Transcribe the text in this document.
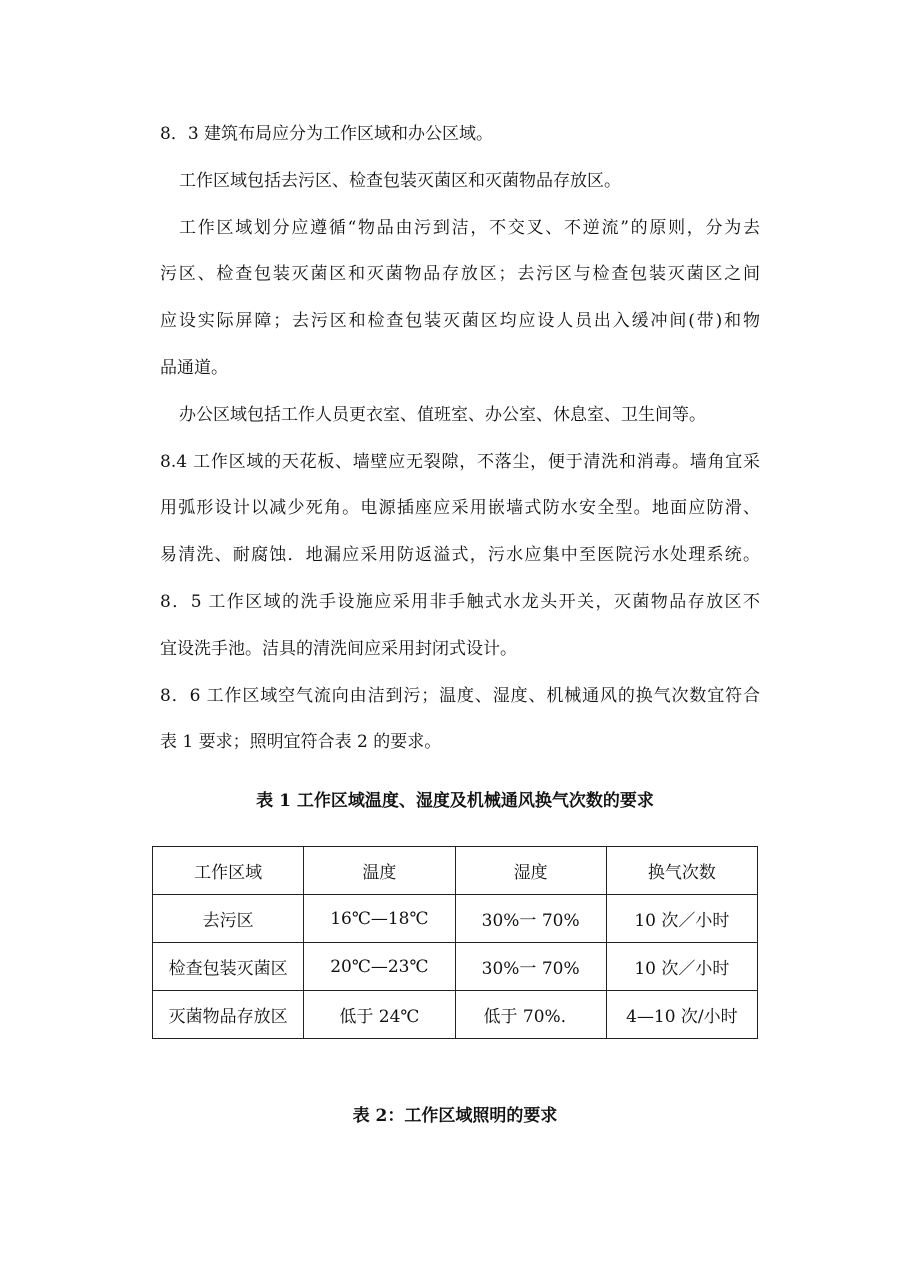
8．3 建筑布局应分为工作区域和办公区域。
工作区域包括去污区、检查包装灭菌区和灭菌物品存放区。
工作区域划分应遵循“物品由污到洁，不交叉、不逆流”的原则，分为去
污区、检查包装灭菌区和灭菌物品存放区；去污区与检查包装灭菌区之间
应设实际屏障；去污区和检查包装灭菌区均应设人员出入缓冲间(带)和物
品通道。
办公区域包括工作人员更衣室、值班室、办公室、休息室、卫生间等。
8.4 工作区域的天花板、墙壁应无裂隙，不落尘，便于清洗和消毒。墙角宜采
用弧形设计以减少死角。电源插座应采用嵌墙式防水安全型。地面应防滑、
易清洗、耐腐蚀．地漏应采用防返溢式，污水应集中至医院污水处理系统。
8．5 工作区域的洗手设施应采用非手触式水龙头开关，灭菌物品存放区不
宜设洗手池。洁具的清洗间应采用封闭式设计。
8．6 工作区域空气流向由洁到污；温度、湿度、机械通风的换气次数宜符合
表 1 要求；照明宜符合表 2 的要求。
表 1 工作区域温度、湿度及机械通风换气次数的要求
工作区域	温度	湿度	换气次数
去污区	16℃—18℃	30%一 70%	10 次／小时
检查包装灭菌区	20℃—23℃	30%一 70%	10 次／小时
灭菌物品存放区	低于 24℃	低于 70%．	4—10 次/小时
表 2：工作区域照明的要求
